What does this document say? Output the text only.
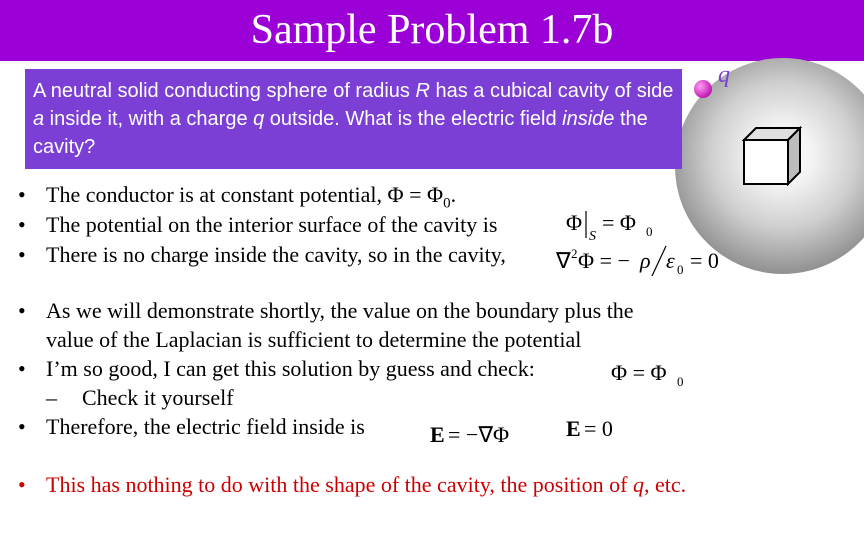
Sample Problem 1.7b
q
A neutral solid conducting sphere of radius R has a cubical cavity of side a inside it, with a charge q outside. What is the electric field inside the cavity?
• The conductor is at constant potential, $\Phi = \Phi_0$.
• The potential on the interior surface of the cavity is
• There is no charge inside the cavity, so in the cavity,
Φ
S
= Φ 0
∇ 2 Φ = − ρ ε 0 = 0
• As we will demonstrate shortly, the value on the boundary plus the
value of the Laplacian is sufficient to determine the potential
• I’m so good, I can get this solution by guess and check:
– Check it yourself
• Therefore, the electric field inside is
Φ = Φ 0
E = −∇Φ	E = 0
• This has nothing to do with the shape of the cavity, the position of q, etc.
